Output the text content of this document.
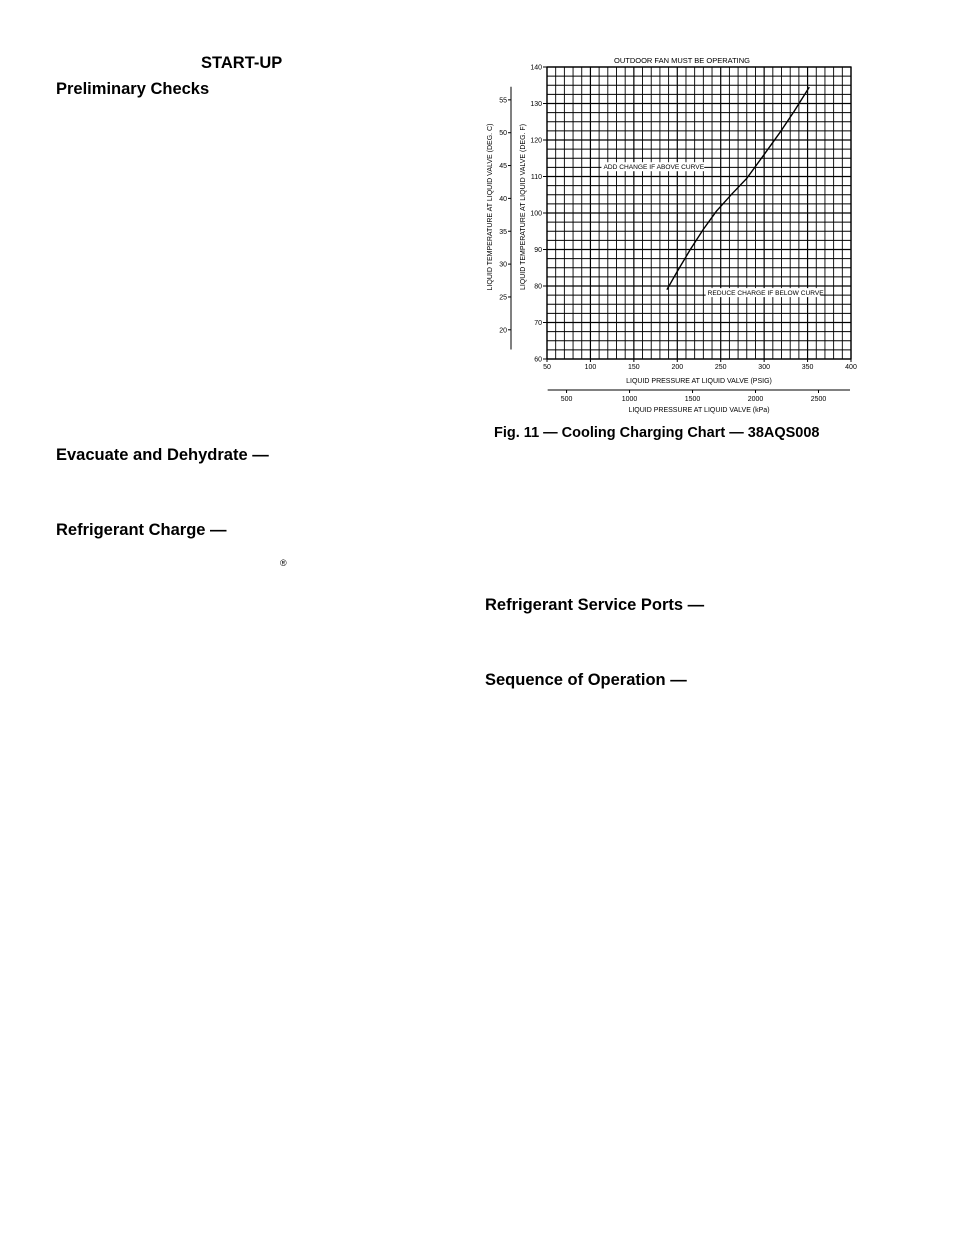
START-UP
Preliminary Checks
Evacuate and Dehydrate —
Refrigerant Charge —
®
Refrigerant Service Ports —
Sequence of Operation —
60
70
80
90
100
110
120
130
140
20
25
30
35
40
45
50
55
50	100	150	200	250	300	350	400
500	1000	1500	2000	2500
OUTDOOR FAN MUST BE OPERATING
LIQUID PRESSURE AT LIQUID VALVE (PSIG)
LIQUID PRESSURE AT LIQUID VALVE (kPa)
LIQUID TEMPERATURE AT LIQUID VALVE (DEG. F)
LIQUID TEMPERATURE AT LIQUID VALVE (DEG. C)	ADD CHANGE IF ABOVE CURVE
REDUCE CHARGE IF BELOW CURVE
Fig. 11 — Cooling Charging Chart — 38AQS008
